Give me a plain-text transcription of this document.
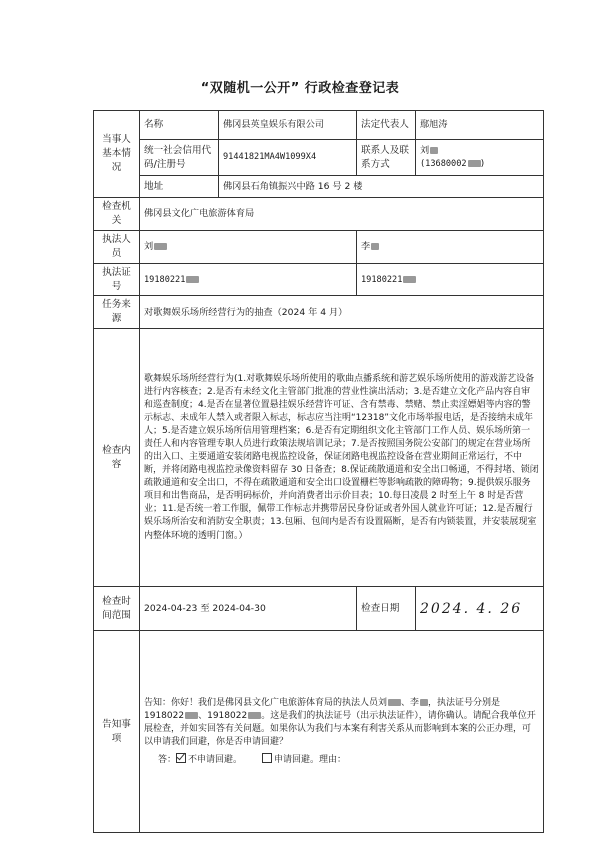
“双随机一公开” 行政检查登记表
当事人基本情况	名称	佛冈县英皇娱乐有限公司	法定代表人	鄢旭涛
	统一社会信用代码/注册号	91441821MA4W1099X4	联系人及联系方式	刘
(13680002 )
	地址	佛冈县石角镇振兴中路 16 号 2 楼		
检查机关	佛冈县文化广电旅游体育局			
执法人员	刘		李	
执法证号	19180221		19180221	
任务来源	对歌舞娱乐场所经营行为的抽查（2024 年 4 月）			
检查内容	歌舞娱乐场所经营行为(1.对歌舞娱乐场所使用的歌曲点播系统和游艺娱乐场所使用的游戏游艺设备进行内容核查；2.是否有未经文化主管部门批准的营业性演出活动；3.是否建立文化产品内容自审和巡查制度；4.是否在显著位置悬挂娱乐经营许可证、含有禁毒、禁赌、禁止卖淫嫖娼等内容的警示标志、未成年人禁入或者限入标志，标志应当注明“12318”文化市场举报电话，是否接纳未成年人；5.是否建立娱乐场所信用管理档案；6.是否有定期组织文化主管部门工作人员、娱乐场所第一责任人和内容管理专职人员进行政策法规培训记录；7.是否按照国务院公安部门的规定在营业场所的出入口、主要通道安装闭路电视监控设备，保证闭路电视监控设备在营业期间正常运行，不中断，并将闭路电视监控录像资料留存 30 日备查；8.保证疏散通道和安全出口畅通，不得封堵、锁闭疏散通道和安全出口，不得在疏散通道和安全出口设置栅栏等影响疏散的障碍物；9.提供娱乐服务项目和出售商品，是否明码标价，并向消费者出示价目表；10.每日凌晨 2 时至上午 8 时是否营业；11.是否统一着工作服，佩带工作标志并携带居民身份证或者外国人就业许可证；12.是否履行娱乐场所治安和消防安全职责；13.包厢、包间内是否有设置隔断，是否有内锁装置，并安装展现室内整体环境的透明门窗。）			
检查时间范围	2024-04-23 至 2024-04-30		检查日期	2024. 4. 26
告知事项	告知：你好！我们是佛冈县文化广电旅游体育局的执法人员刘 、李 ，执法证号分别是 1918022 、1918022 。这是我们的执法证号（出示执法证件），请你确认。请配合我单位开展检查，并如实回答有关问题。如果你认为我们与本案有利害关系从而影响到本案的公正办理，可以申请我们回避，你是否申请回避？
答： 不申请回避。 申请回避。理由：			
